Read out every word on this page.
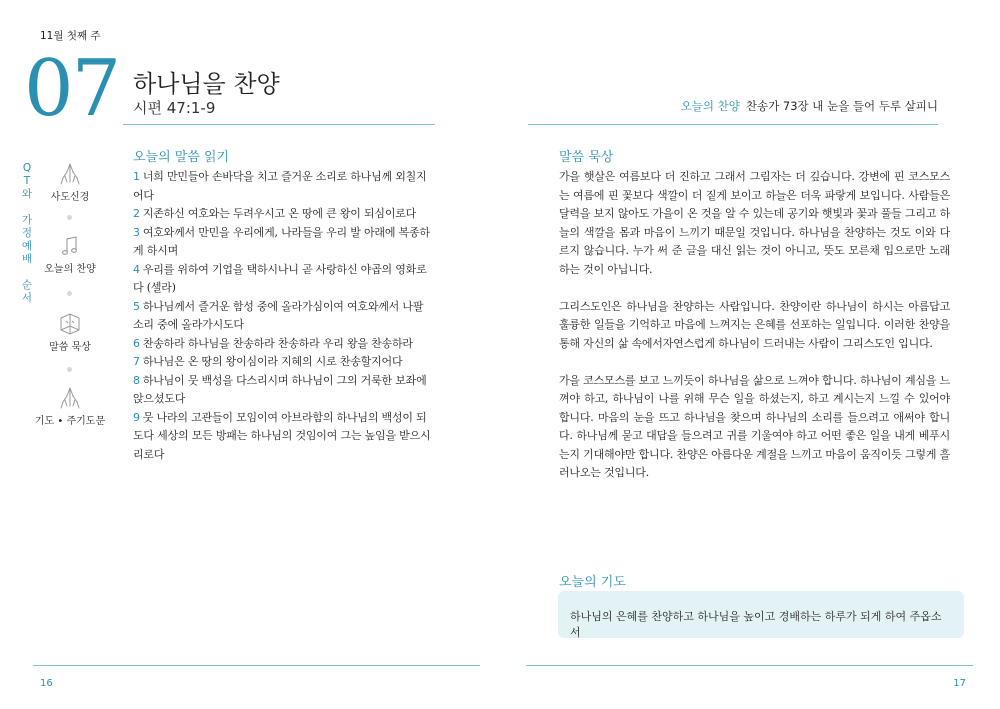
11월 첫째 주
07 하나님을 찬양
시편 47:1-9	오늘의 찬양 찬송가 73장 내 눈을 들어 두루 살피니
Q
T
와

가
정
예
배

순
서
사도신경
오늘의 찬양
말씀 묵상
기도 • 주기도문
오늘의 말씀 읽기

1 너희 만민들아 손바닥을 치고 즐거운 소리로 하나님께 외칠지어다

2 지존하신 여호와는 두려우시고 온 땅에 큰 왕이 되심이로다

3 여호와께서 만민을 우리에게, 나라들을 우리 발 아래에 복종하게 하시며

4 우리를 위하여 기업을 택하시나니 곧 사랑하신 야곱의 영화로다 (셀라)

5 하나님께서 즐거운 함성 중에 올라가심이여 여호와께서 나팔 소리 중에 올라가시도다

6 찬송하라 하나님을 찬송하라 찬송하라 우리 왕을 찬송하라

7 하나님은 온 땅의 왕이심이라 지혜의 시로 찬송할지어다

8 하나님이 뭇 백성을 다스리시며 하나님이 그의 거룩한 보좌에 앉으셨도다

9 뭇 나라의 고관들이 모임이여 아브라함의 하나님의 백성이 되도다 세상의 모든 방패는 하나님의 것임이여 그는 높임을 받으시리로다

말씀 묵상

가을 햇살은 여름보다 더 진하고 그래서 그림자는 더 깊습니다. 강변에 핀 코스모스는 여름에 핀 꽃보다 색깔이 더 짙게 보이고 하늘은 더욱 파랗게 보입니다. 사람들은 달력을 보지 않아도 가을이 온 것을 알 수 있는데 공기와 햇빛과 꽃과 풀들 그리고 하늘의 색깔을 몸과 마음이 느끼기 때문일 것입니다. 하나님을 찬양하는 것도 이와 다르지 않습니다. 누가 써 준 글을 대신 읽는 것이 아니고, 뜻도 모른채 입으로만 노래하는 것이 아닙니다.

그리스도인은 하나님을 찬양하는 사람입니다. 찬양이란 하나님이 하시는 아름답고 훌륭한 일들을 기억하고 마음에 느껴지는 은혜를 선포하는 일입니다. 이러한 찬양을 통해 자신의 삶 속에서자연스럽게 하나님이 드러내는 사람이 그리스도인 입니다.

가을 코스모스를 보고 느끼듯이 하나님을 삶으로 느껴야 합니다. 하나님이 계심을 느껴야 하고, 하나님이 나를 위해 무슨 일을 하셨는지, 하고 계시는지 느낄 수 있어야 합니다. 마음의 눈을 뜨고 하나님을 찾으며 하나님의 소리를 들으려고 애써야 합니다. 하나님께 묻고 대답을 들으려고 귀를 기울여야 하고 어떤 좋은 일을 내게 베푸시는지 기대해야만 합니다. 찬양은 아름다운 계절을 느끼고 마음이 움직이듯 그렇게 흘러나오는 것입니다.

오늘의 기도
하나님의 은혜를 찬양하고 하나님을 높이고 경배하는 하루가 되게 하여 주옵소서
16	17
